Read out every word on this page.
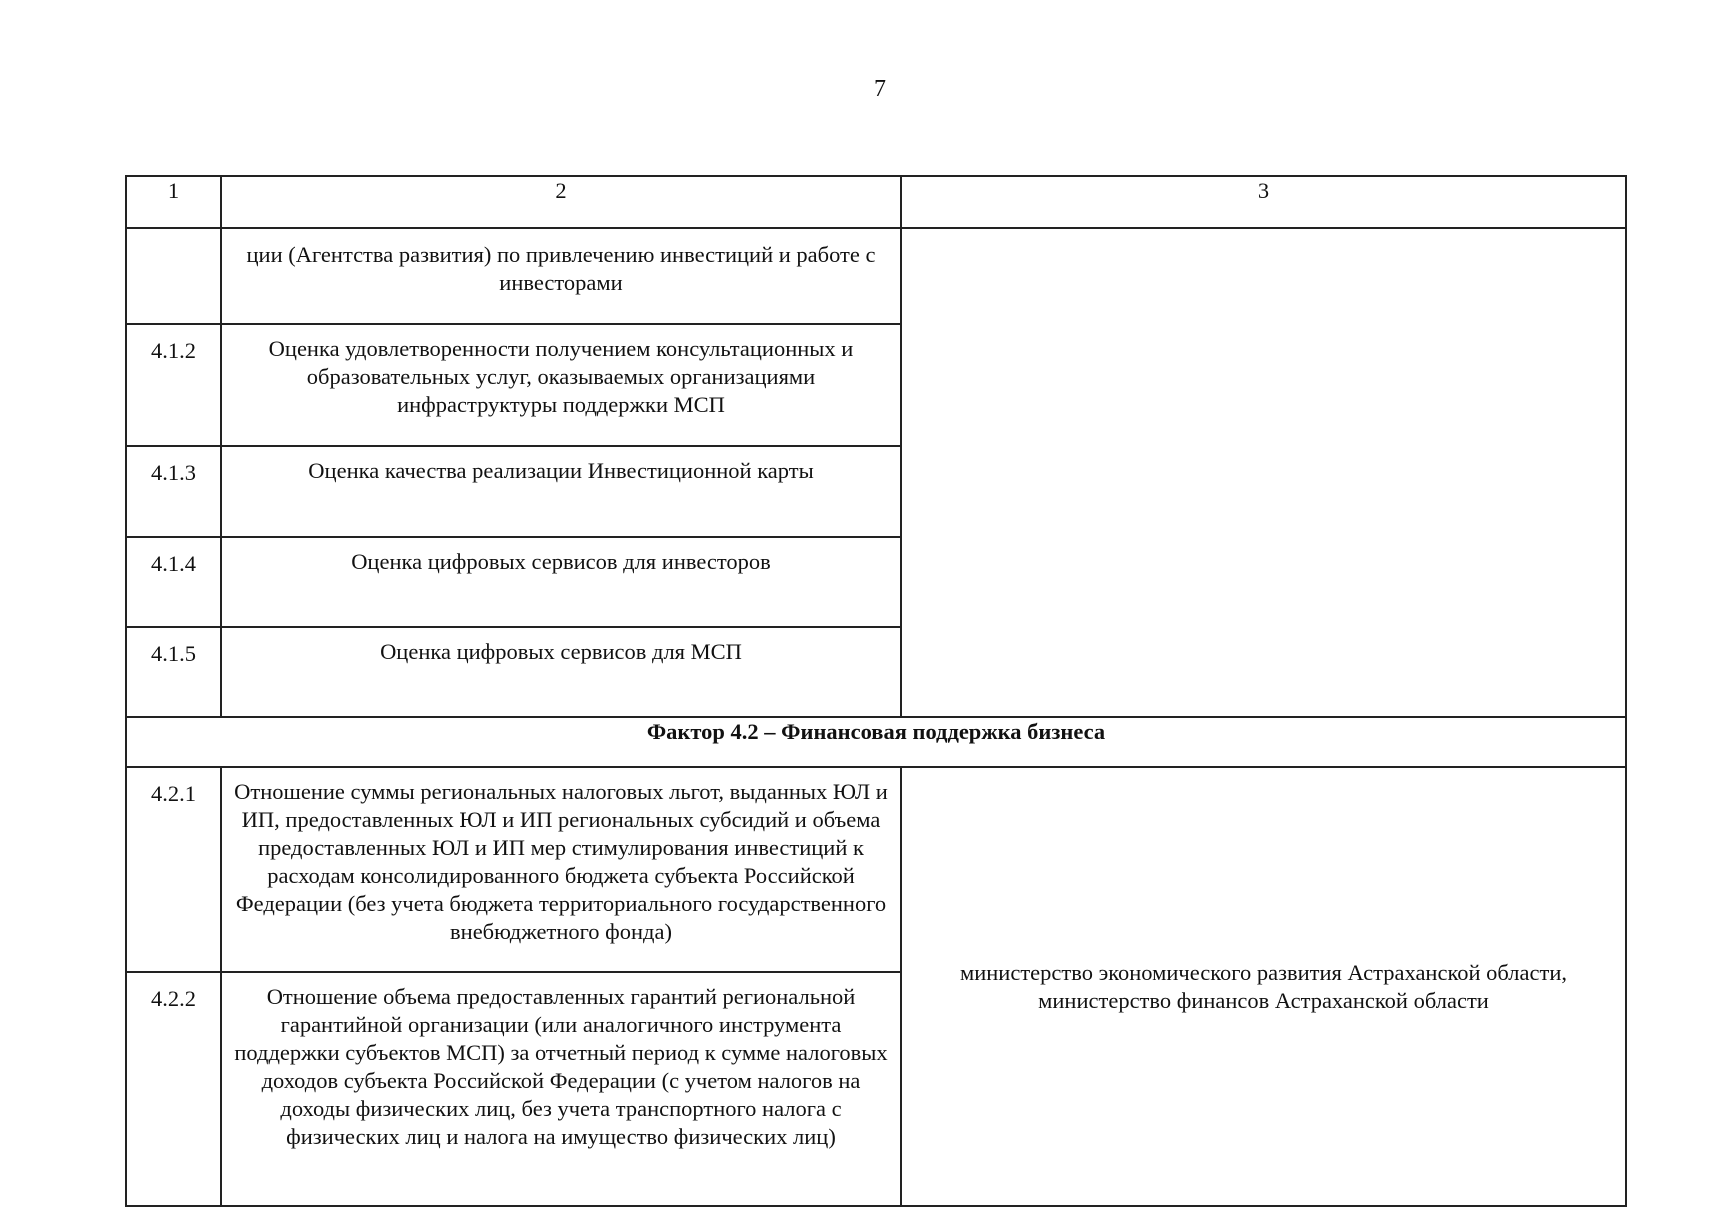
7
1	2	3
	ции (Агентства развития) по привлечению инвестиций и работе с инвесторами	
4.1.2	Оценка удовлетворенности получением консультационных и образовательных услуг, оказываемых организациями инфраструктуры поддержки МСП	
4.1.3	Оценка качества реализации Инвестиционной карты	
4.1.4	Оценка цифровых сервисов для инвесторов	
4.1.5	Оценка цифровых сервисов для МСП	
Фактор 4.2 – Финансовая поддержка бизнеса		
4.2.1	Отношение суммы региональных налоговых льгот, выданных ЮЛ и ИП, предоставленных ЮЛ и ИП региональных субсидий и объема предоставленных ЮЛ и ИП мер стимулирования инвестиций к расходам консолидированного бюджета субъекта Российской Федерации (без учета бюджета территориального государственного внебюджетного фонда)	министерство экономического развития Астраханской области, министерство финансов Астраханской области
4.2.2	Отношение объема предоставленных гарантий региональной гарантийной организации (или аналогичного инструмента поддержки субъектов МСП) за отчетный период к сумме налоговых доходов субъекта Российской Федерации (с учетом налогов на доходы физических лиц, без учета транспортного налога с физических лиц и налога на имущество физических лиц)	
